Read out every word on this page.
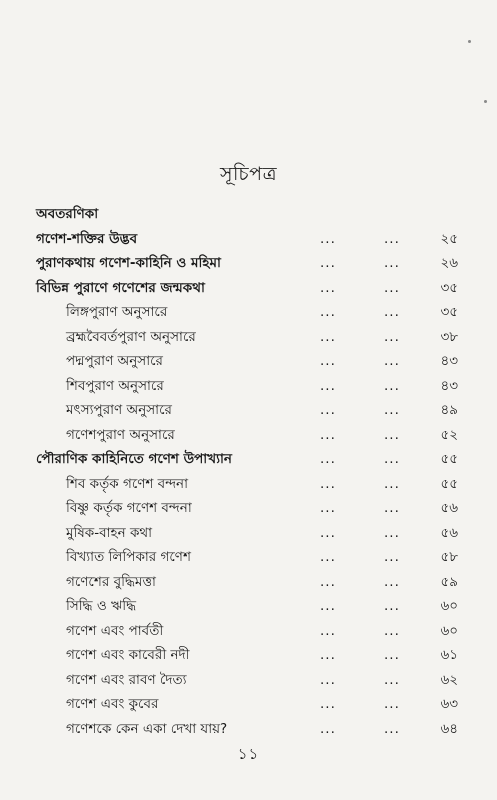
সূচিপত্র
অবতরণিকা
গণেশ-শক্তির উদ্ভব	...	...	২৫
পুরাণকথায় গণেশ-কাহিনি ও মহিমা	...	...	২৬
বিভিন্ন পুরাণে গণেশের জন্মকথা	...	...	৩৫
লিঙ্গপুরাণ অনুসারে	...	...	৩৫
ব্রহ্মবৈবর্তপুরাণ অনুসারে	...	...	৩৮
পদ্মপুরাণ অনুসারে	...	...	৪৩
শিবপুরাণ অনুসারে	...	...	৪৩
মৎস্যপুরাণ অনুসারে	...	...	৪৯
গণেশপুরাণ অনুসারে	...	...	৫২
পৌরাণিক কাহিনিতে গণেশ উপাখ্যান	...	...	৫৫
শিব কর্তৃক গণেশ বন্দনা	...	...	৫৫
বিষ্ণু কর্তৃক গণেশ বন্দনা	...	...	৫৬
মুষিক-বাহন কথা	...	...	৫৬
বিখ্যাত লিপিকার গণেশ	...	...	৫৮
গণেশের বুদ্ধিমত্তা	...	...	৫৯
সিদ্ধি ও ঋদ্ধি	...	...	৬০
গণেশ এবং পার্বতী	...	...	৬০
গণেশ এবং কাবেরী নদী	...	...	৬১
গণেশ এবং রাবণ দৈত্য	...	...	৬২
গণেশ এবং কুবের	...	...	৬৩
গণেশকে কেন একা দেখা যায়?	...	...	৬৪
১১
